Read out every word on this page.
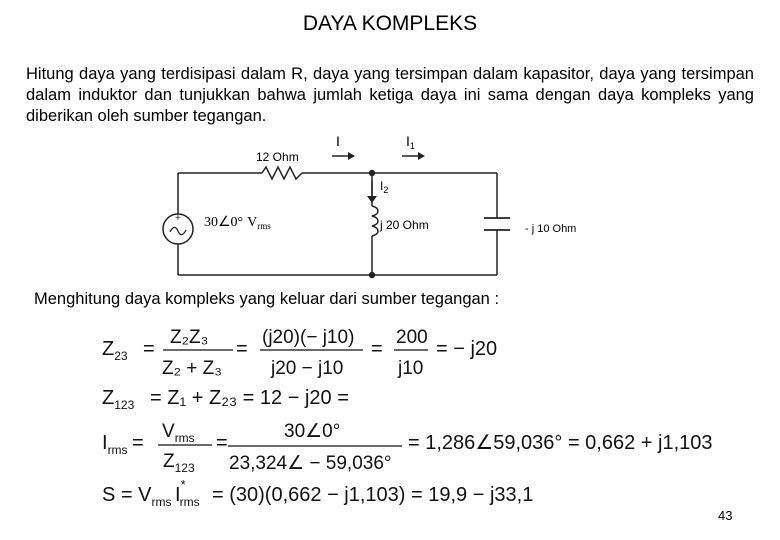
DAYA KOMPLEKS
Hitung daya yang terdisipasi dalam R, daya yang tersimpan dalam kapasitor, daya yang tersimpan dalam induktor dan tunjukkan bahwa jumlah ketiga daya ini sama dengan daya kompleks yang diberikan oleh sumber tegangan.
+
I	$I_1$
$I_2$
12 Ohm
30∠0° $V_{rms}$	j 20 Ohm	- j 10 Ohm
Menghitung daya kompleks yang keluar dari sumber tegangan :
$Z_{23}$ =
Z₂Z₃
Z₂ + Z₃
=
(j20)(− j10)
j20 − j10
=
200
j10
= − j20
$Z_{123} = Z_1 + Z_{23} = 12 - j20$ =
$I_{rms}$ =
$V_{rms}$
$Z_{123}$
=
30∠0°
23,324∠ − 59,036°
= 1,286∠59,036° = 0,662 + j1,103
$S = V_{rms}$ I* rms = (30)(0,662 − j1,103) = 19,9 − j33,1
43
